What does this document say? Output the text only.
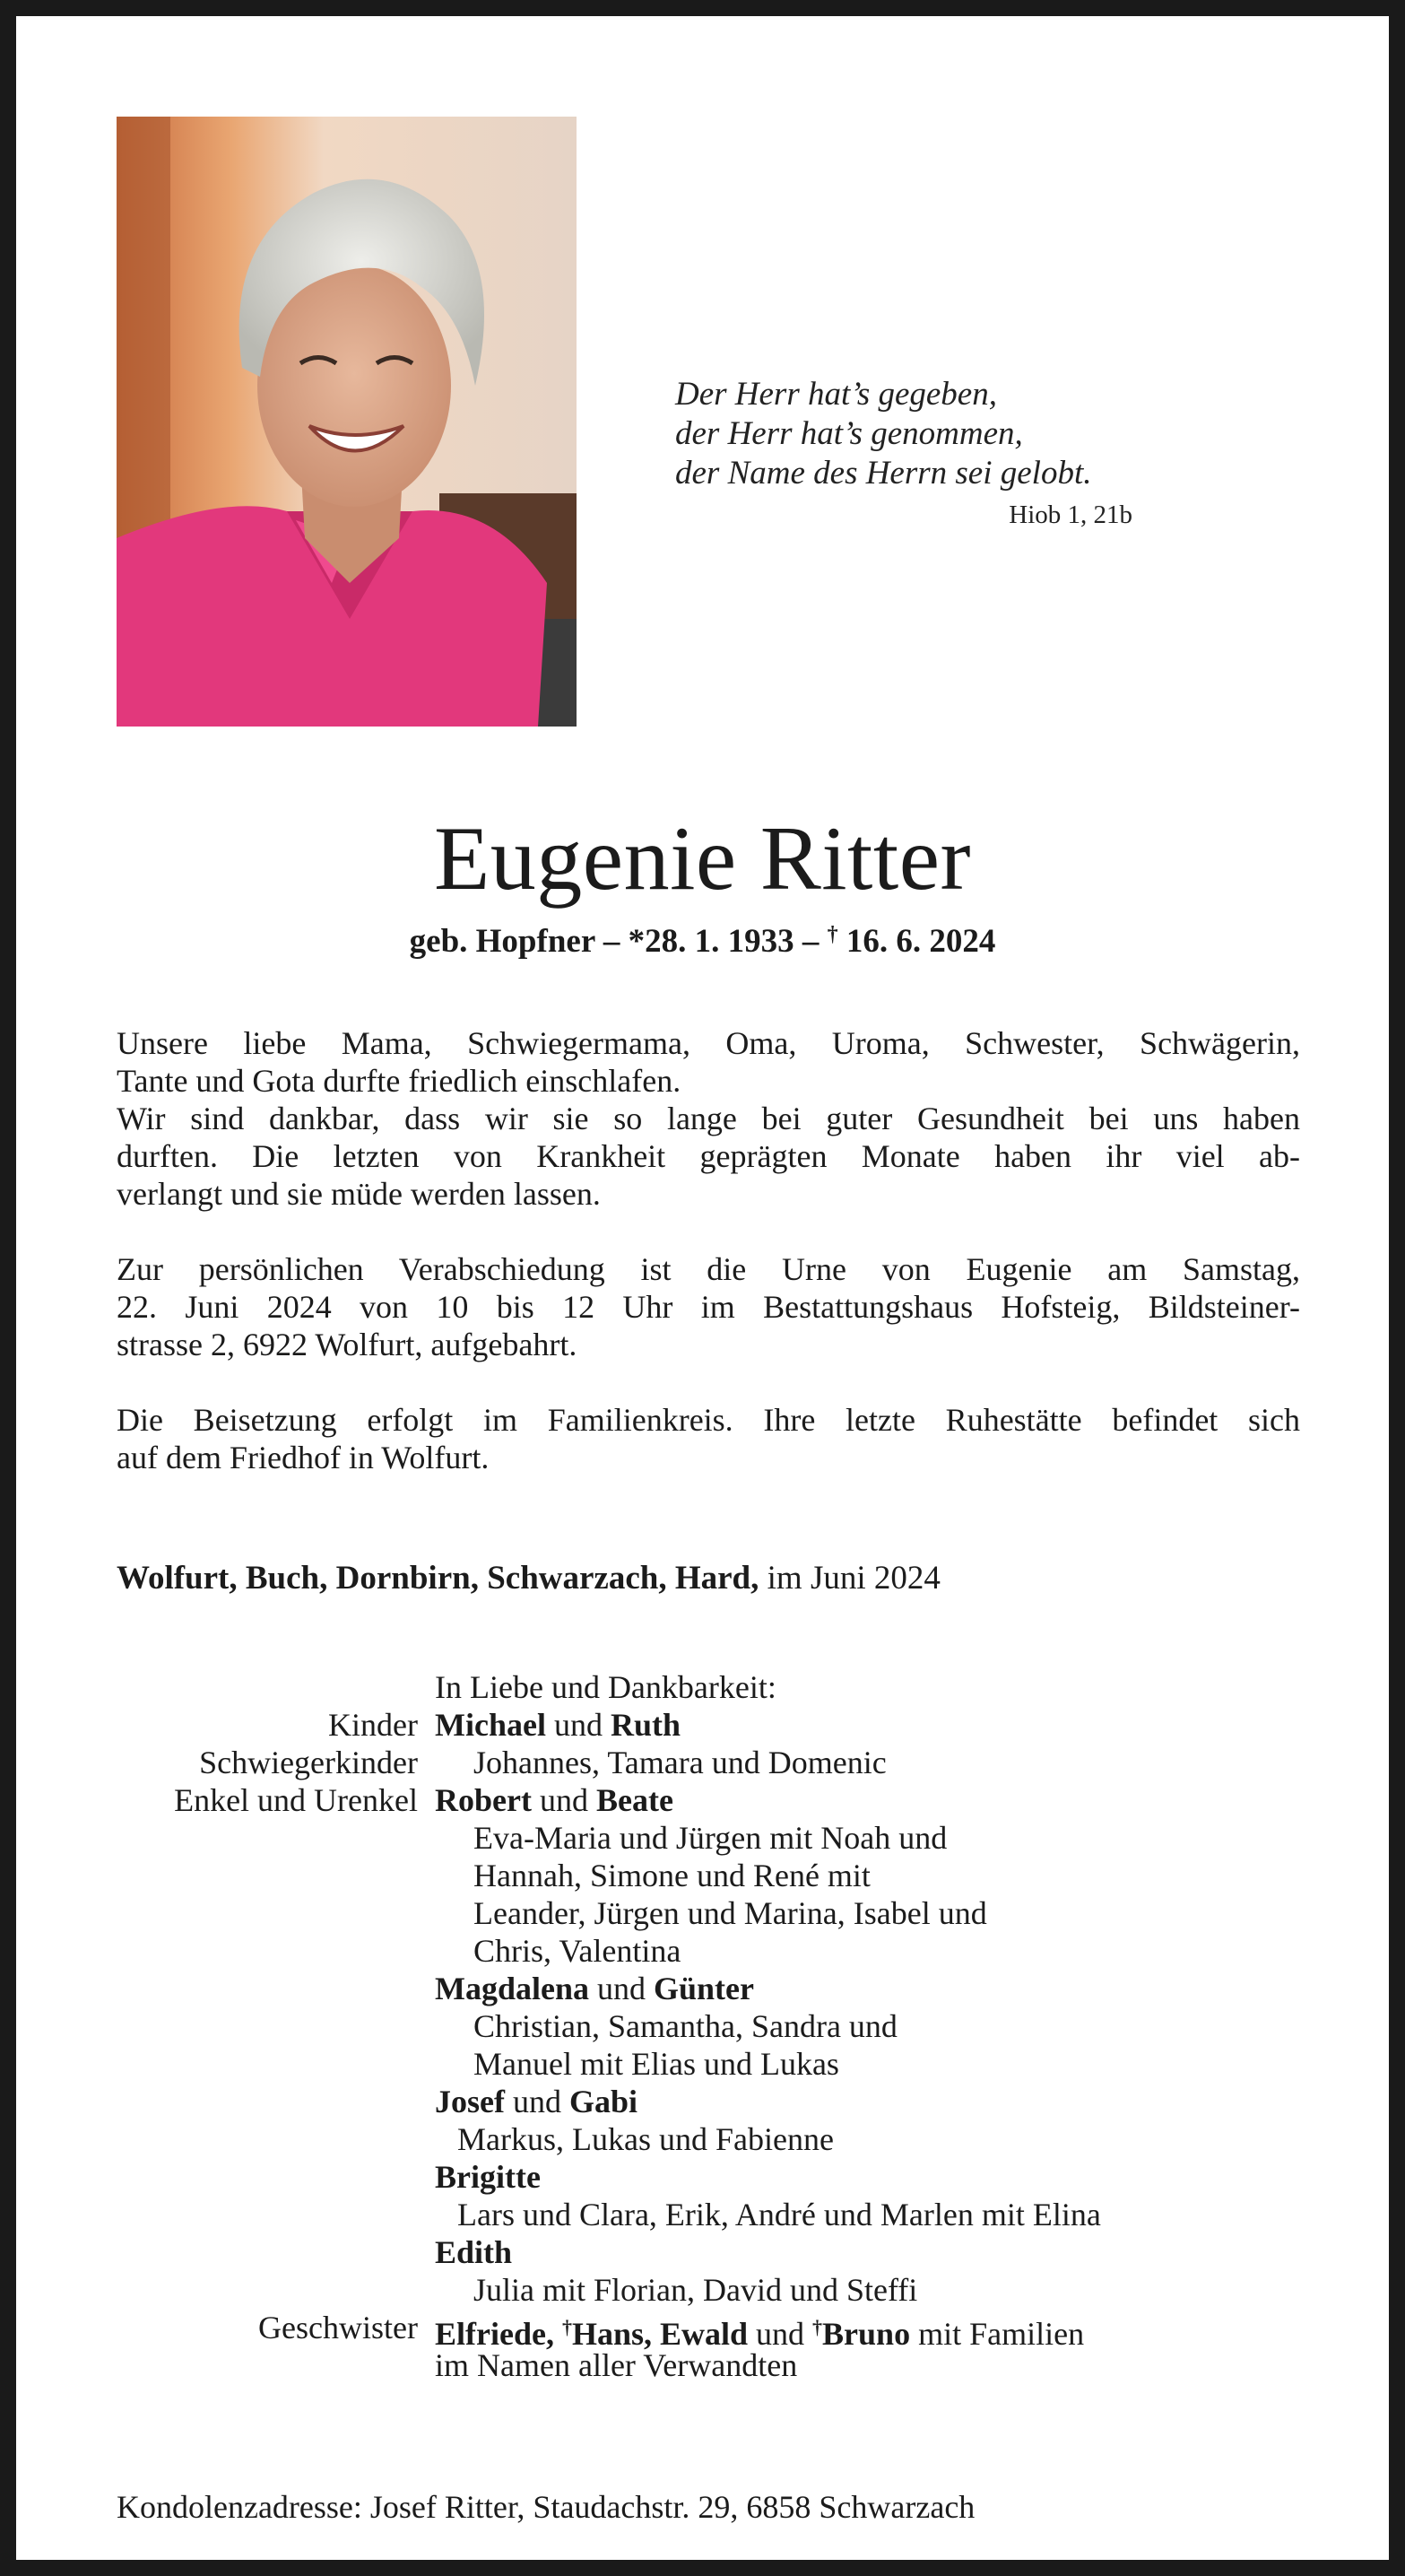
Der Herr hat’s gegeben,
der Herr hat’s genommen,
der Name des Herrn sei gelobt.
Hiob 1, 21b
Eugenie Ritter
geb. Hopfner – *28. 1. 1933 – † 16. 6. 2024
Unsere liebe Mama, Schwiegermama, Oma, Uroma, Schwester, Schwägerin,
Tante und Gota durfte friedlich einschlafen.
Wir sind dankbar, dass wir sie so lange bei guter Gesundheit bei uns haben
durften. Die letzten von Krankheit geprägten Monate haben ihr viel ab-
verlangt und sie müde werden lassen.
Zur persönlichen Verabschiedung ist die Urne von Eugenie am Samstag,
22. Juni 2024 von 10 bis 12 Uhr im Bestattungshaus Hofsteig, Bildsteiner-
strasse 2, 6922 Wolfurt, aufgebahrt.
Die Beisetzung erfolgt im Familienkreis. Ihre letzte Ruhestätte befindet sich
auf dem Friedhof in Wolfurt.
Wolfurt, Buch, Dornbirn, Schwarzach, Hard, im Juni 2024
In Liebe und Dankbarkeit:
Kinder Michael und Ruth
Schwiegerkinder Johannes, Tamara und Domenic
Enkel und Urenkel Robert und Beate
Eva-Maria und Jürgen mit Noah und
Hannah, Simone und René mit
Leander, Jürgen und Marina, Isabel und
Chris, Valentina
Magdalena und Günter
Christian, Samantha, Sandra und
Manuel mit Elias und Lukas
Josef und Gabi
Markus, Lukas und Fabienne
Brigitte
Lars und Clara, Erik, André und Marlen mit Elina
Edith
Julia mit Florian, David und Steffi
Geschwister Elfriede, †Hans, Ewald und †Bruno mit Familien
im Namen aller Verwandten
Kondolenzadresse: Josef Ritter, Staudachstr. 29, 6858 Schwarzach
